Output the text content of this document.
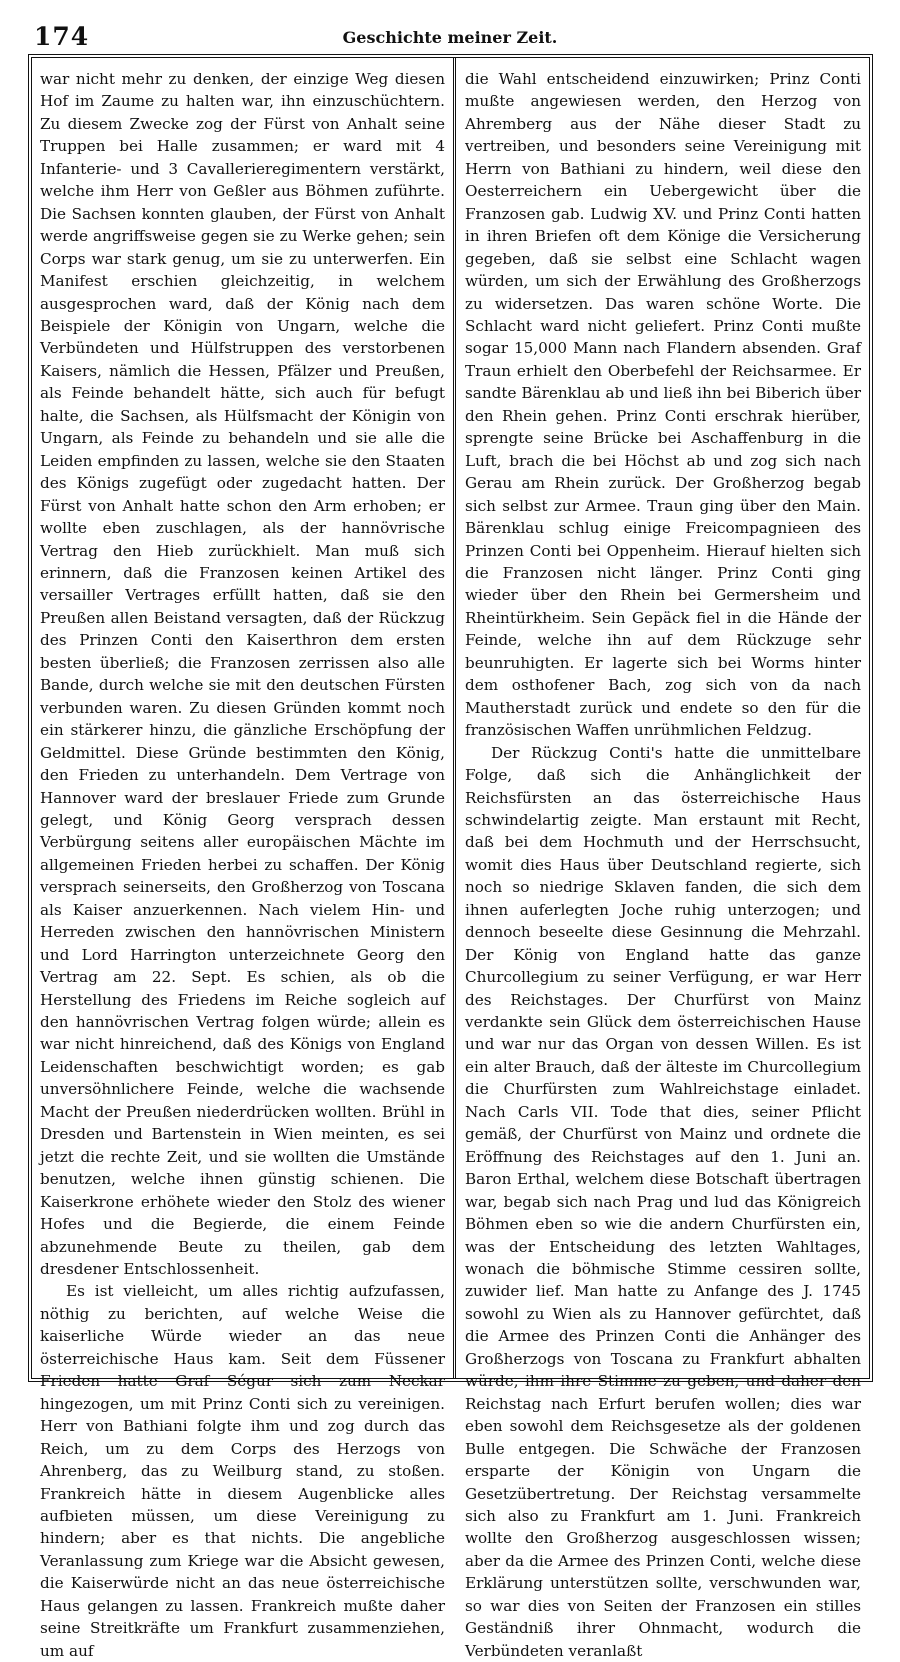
174	Geschichte meiner Zeit.

war nicht mehr zu denken, der einzige Weg diesen Hof im Zaume zu halten war, ihn einzuschüchtern. Zu diesem Zwecke zog der Fürst von Anhalt seine Truppen bei Halle zusammen; er ward mit 4 Infanterie- und 3 Cavallerieregimentern verstärkt, welche ihm Herr von Geßler aus Böhmen zuführte. Die Sachsen konnten glauben, der Fürst von Anhalt werde angriffsweise gegen sie zu Werke gehen; sein Corps war stark genug, um sie zu unterwerfen. Ein Manifest erschien gleichzeitig, in welchem ausgesprochen ward, daß der König nach dem Beispiele der Königin von Ungarn, welche die Verbündeten und Hülfstruppen des verstorbenen Kaisers, nämlich die Hessen, Pfälzer und Preußen, als Feinde behandelt hätte, sich auch für befugt halte, die Sachsen, als Hülfsmacht der Königin von Ungarn, als Feinde zu behandeln und sie alle die Leiden empfinden zu lassen, welche sie den Staaten des Königs zugefügt oder zugedacht hatten. Der Fürst von Anhalt hatte schon den Arm erhoben; er wollte eben zuschlagen, als der hannövrische Vertrag den Hieb zurückhielt. Man muß sich erinnern, daß die Franzosen keinen Artikel des versailler Vertrages erfüllt hatten, daß sie den Preußen allen Beistand versagten, daß der Rückzug des Prinzen Conti den Kaiserthron dem ersten besten überließ; die Franzosen zerrissen also alle Bande, durch welche sie mit den deutschen Fürsten verbunden waren. Zu diesen Gründen kommt noch ein stärkerer hinzu, die gänzliche Erschöpfung der Geldmittel. Diese Gründe bestimmten den König, den Frieden zu unterhandeln. Dem Vertrage von Hannover ward der breslauer Friede zum Grunde gelegt, und König Georg versprach dessen Verbürgung seitens aller europäischen Mächte im allgemeinen Frieden herbei zu schaffen. Der König versprach seinerseits, den Großherzog von Toscana als Kaiser anzuerkennen. Nach vielem Hin- und Herreden zwischen den hannövrischen Ministern und Lord Harrington unterzeichnete Georg den Vertrag am 22. Sept. Es schien, als ob die Herstellung des Friedens im Reiche sogleich auf den hannövrischen Vertrag folgen würde; allein es war nicht hinreichend, daß des Königs von England Leidenschaften beschwichtigt worden; es gab unversöhnlichere Feinde, welche die wachsende Macht der Preußen niederdrücken wollten. Brühl in Dresden und Bartenstein in Wien meinten, es sei jetzt die rechte Zeit, und sie wollten die Umstände benutzen, welche ihnen günstig schienen. Die Kaiserkrone erhöhete wieder den Stolz des wiener Hofes und die Begierde, die einem Feinde abzunehmende Beute zu theilen, gab dem dresdener Entschlossenheit.

Es ist vielleicht, um alles richtig aufzufassen, nöthig zu berichten, auf welche Weise die kaiserliche Würde wieder an das neue österreichische Haus kam. Seit dem Füssener Frieden hatte Graf Ségur sich zum Neckar hingezogen, um mit Prinz Conti sich zu vereinigen. Herr von Bathiani folgte ihm und zog durch das Reich, um zu dem Corps des Herzogs von Ahrenberg, das zu Weilburg stand, zu stoßen. Frankreich hätte in diesem Augenblicke alles aufbieten müssen, um diese Vereinigung zu hindern; aber es that nichts. Die angebliche Veranlassung zum Kriege war die Absicht gewesen, die Kaiserwürde nicht an das neue österreichische Haus gelangen zu lassen. Frankreich mußte daher seine Streitkräfte um Frankfurt zusammenziehen, um auf

die Wahl entscheidend einzuwirken; Prinz Conti mußte angewiesen werden, den Herzog von Ahremberg aus der Nähe dieser Stadt zu vertreiben, und besonders seine Vereinigung mit Herrn von Bathiani zu hindern, weil diese den Oesterreichern ein Uebergewicht über die Franzosen gab. Ludwig XV. und Prinz Conti hatten in ihren Briefen oft dem Könige die Versicherung gegeben, daß sie selbst eine Schlacht wagen würden, um sich der Erwählung des Großherzogs zu widersetzen. Das waren schöne Worte. Die Schlacht ward nicht geliefert. Prinz Conti mußte sogar 15,000 Mann nach Flandern absenden. Graf Traun erhielt den Oberbefehl der Reichsarmee. Er sandte Bärenklau ab und ließ ihn bei Biberich über den Rhein gehen. Prinz Conti erschrak hierüber, sprengte seine Brücke bei Aschaffenburg in die Luft, brach die bei Höchst ab und zog sich nach Gerau am Rhein zurück. Der Großherzog begab sich selbst zur Armee. Traun ging über den Main. Bärenklau schlug einige Freicompagnieen des Prinzen Conti bei Oppenheim. Hierauf hielten sich die Franzosen nicht länger. Prinz Conti ging wieder über den Rhein bei Germersheim und Rheintürkheim. Sein Gepäck fiel in die Hände der Feinde, welche ihn auf dem Rückzuge sehr beunruhigten. Er lagerte sich bei Worms hinter dem osthofener Bach, zog sich von da nach Mautherstadt zurück und endete so den für die französischen Waffen unrühmlichen Feldzug.

Der Rückzug Conti's hatte die unmittelbare Folge, daß sich die Anhänglichkeit der Reichsfürsten an das österreichische Haus schwindelartig zeigte. Man erstaunt mit Recht, daß bei dem Hochmuth und der Herrschsucht, womit dies Haus über Deutschland regierte, sich noch so niedrige Sklaven fanden, die sich dem ihnen auferlegten Joche ruhig unterzogen; und dennoch beseelte diese Gesinnung die Mehrzahl. Der König von England hatte das ganze Churcollegium zu seiner Verfügung, er war Herr des Reichstages. Der Churfürst von Mainz verdankte sein Glück dem österreichischen Hause und war nur das Organ von dessen Willen. Es ist ein alter Brauch, daß der älteste im Churcollegium die Churfürsten zum Wahlreichstage einladet. Nach Carls VII. Tode that dies, seiner Pflicht gemäß, der Churfürst von Mainz und ordnete die Eröffnung des Reichstages auf den 1. Juni an. Baron Erthal, welchem diese Botschaft übertragen war, begab sich nach Prag und lud das Königreich Böhmen eben so wie die andern Churfürsten ein, was der Entscheidung des letzten Wahltages, wonach die böhmische Stimme cessiren sollte, zuwider lief. Man hatte zu Anfange des J. 1745 sowohl zu Wien als zu Hannover gefürchtet, daß die Armee des Prinzen Conti die Anhänger des Großherzogs von Toscana zu Frankfurt abhalten würde, ihm ihre Stimme zu geben, und daher den Reichstag nach Erfurt berufen wollen; dies war eben sowohl dem Reichsgesetze als der goldenen Bulle entgegen. Die Schwäche der Franzosen ersparte der Königin von Ungarn die Gesetzübertretung. Der Reichstag versammelte sich also zu Frankfurt am 1. Juni. Frankreich wollte den Großherzog ausgeschlossen wissen; aber da die Armee des Prinzen Conti, welche diese Erklärung unterstützen sollte, verschwunden war, so war dies von Seiten der Franzosen ein stilles Geständniß ihrer Ohnmacht, wodurch die Verbündeten veranlaßt
